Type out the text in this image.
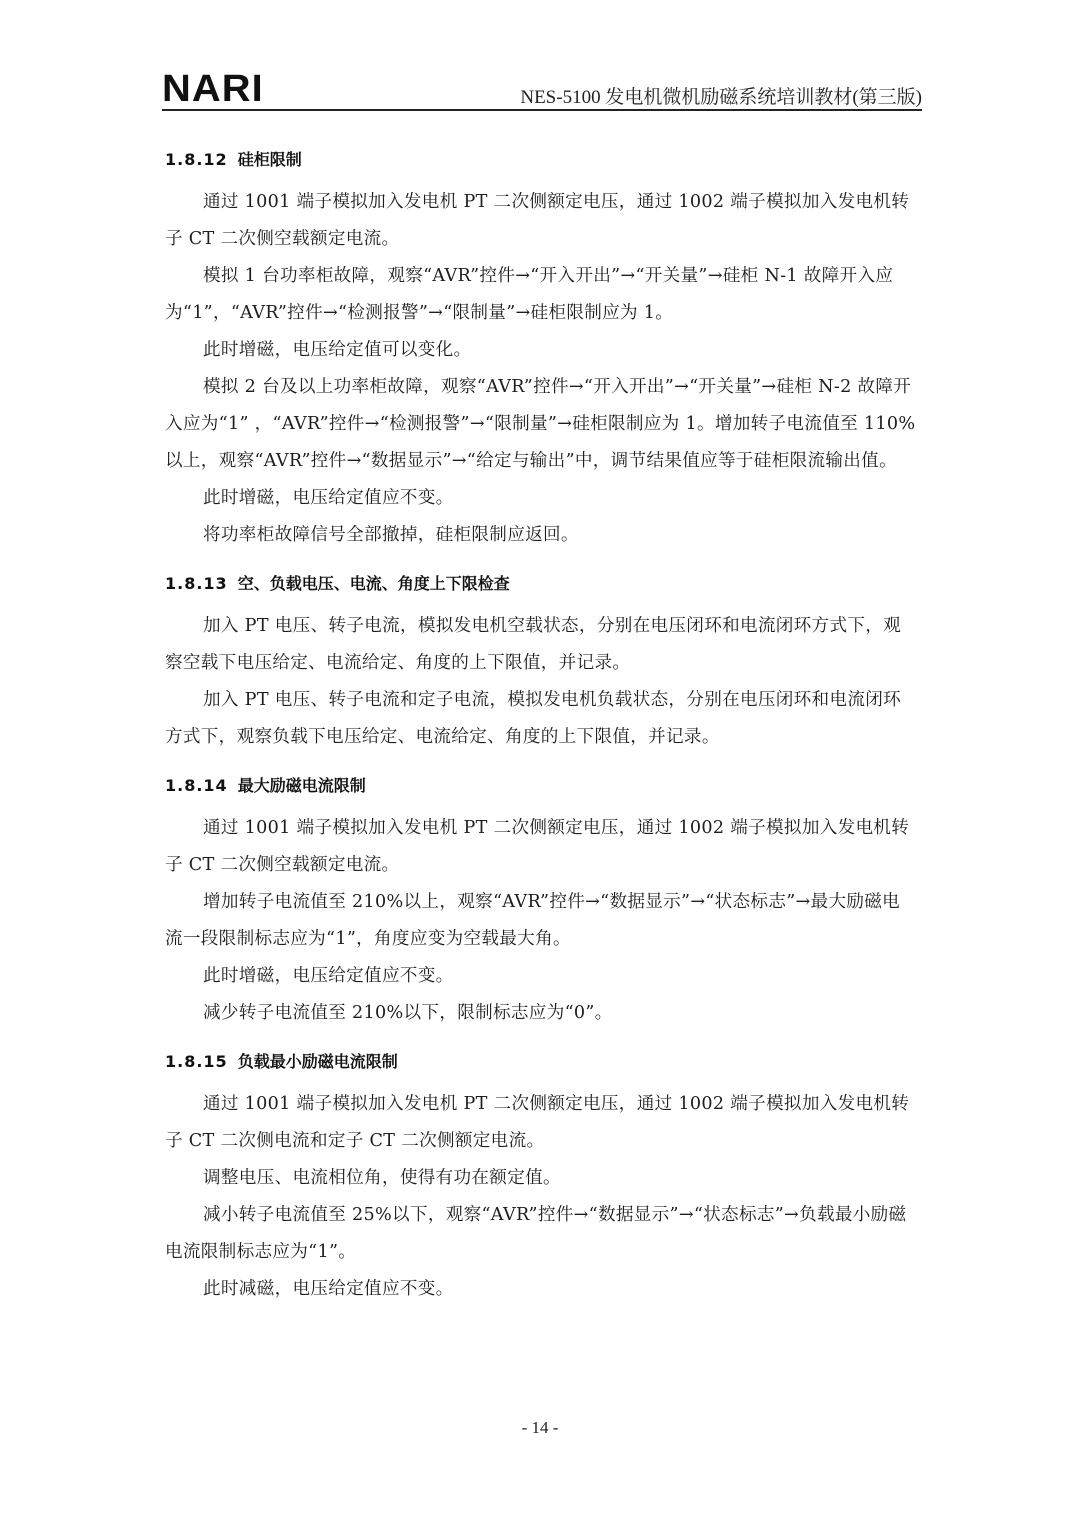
NARI	NES-5100 发电机微机励磁系统培训教材(第三版)
1.8.12 硅柜限制

通过 1001 端子模拟加入发电机 PT 二次侧额定电压，通过 1002 端子模拟加入发电机转子 CT 二次侧空载额定电流。

模拟 1 台功率柜故障，观察“AVR”控件→“开入开出”→“开关量”→硅柜 N-1 故障开入应为“1”，“AVR”控件→“检测报警”→“限制量”→硅柜限制应为 1。

此时增磁，电压给定值可以变化。

模拟 2 台及以上功率柜故障，观察“AVR”控件→“开入开出”→“开关量”→硅柜 N-2 故障开入应为“1” ，“AVR”控件→“检测报警”→“限制量”→硅柜限制应为 1。增加转子电流值至 110%以上，观察“AVR”控件→“数据显示”→“给定与输出”中，调节结果值应等于硅柜限流输出值。

此时增磁，电压给定值应不变。

将功率柜故障信号全部撤掉，硅柜限制应返回。

1.8.13 空、负载电压、电流、角度上下限检查

加入 PT 电压、转子电流，模拟发电机空载状态，分别在电压闭环和电流闭环方式下，观察空载下电压给定、电流给定、角度的上下限值，并记录。

加入 PT 电压、转子电流和定子电流，模拟发电机负载状态，分别在电压闭环和电流闭环方式下，观察负载下电压给定、电流给定、角度的上下限值，并记录。

1.8.14 最大励磁电流限制

通过 1001 端子模拟加入发电机 PT 二次侧额定电压，通过 1002 端子模拟加入发电机转子 CT 二次侧空载额定电流。

增加转子电流值至 210%以上，观察“AVR”控件→“数据显示”→“状态标志”→最大励磁电流一段限制标志应为“1”，角度应变为空载最大角。

此时增磁，电压给定值应不变。

减少转子电流值至 210%以下，限制标志应为“0”。

1.8.15 负载最小励磁电流限制

通过 1001 端子模拟加入发电机 PT 二次侧额定电压，通过 1002 端子模拟加入发电机转子 CT 二次侧电流和定子 CT 二次侧额定电流。

调整电压、电流相位角，使得有功在额定值。

减小转子电流值至 25%以下，观察“AVR”控件→“数据显示”→“状态标志”→负载最小励磁电流限制标志应为“1”。

此时减磁，电压给定值应不变。

- 14 -
